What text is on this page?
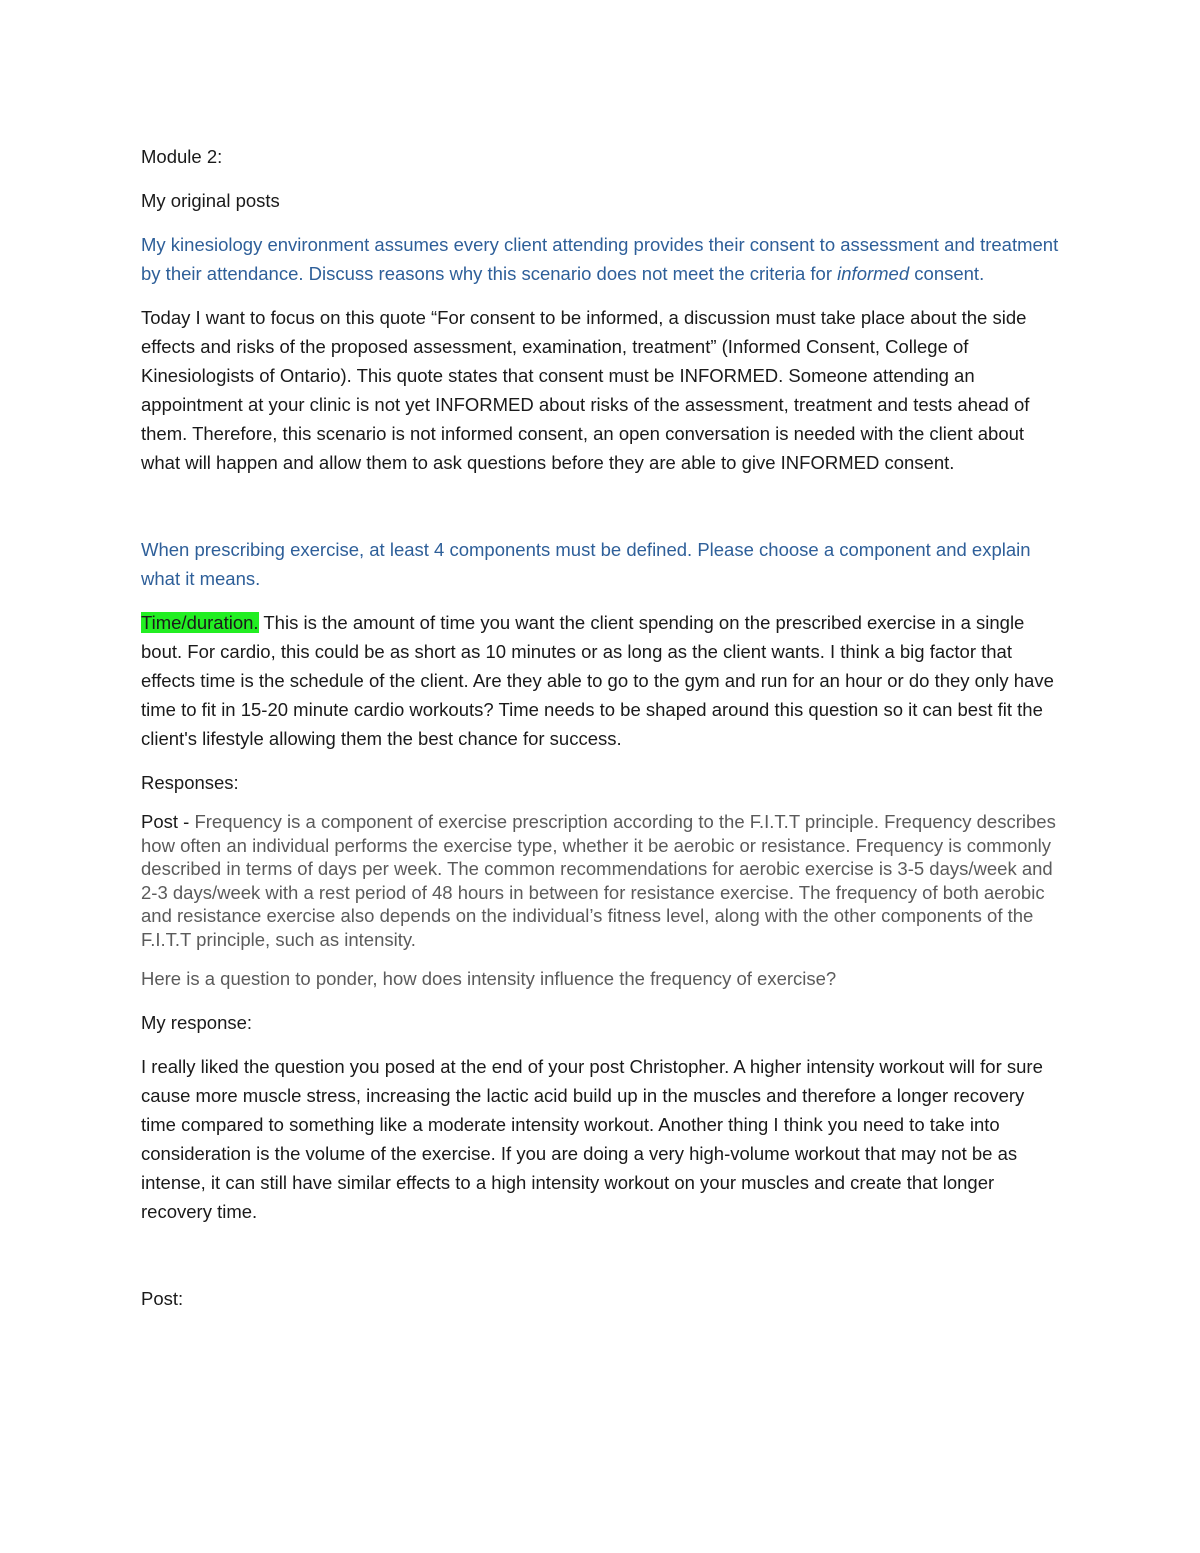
Module 2:

My original posts

My kinesiology environment assumes every client attending provides their consent to assessment and treatment by their attendance. Discuss reasons why this scenario does not meet the criteria for informed consent.

Today I want to focus on this quote “For consent to be informed, a discussion must take place about the side effects and risks of the proposed assessment, examination, treatment” (Informed Consent, College of Kinesiologists of Ontario). This quote states that consent must be INFORMED. Someone attending an appointment at your clinic is not yet INFORMED about risks of the assessment, treatment and tests ahead of them. Therefore, this scenario is not informed consent, an open conversation is needed with the client about what will happen and allow them to ask questions before they are able to give INFORMED consent.

When prescribing exercise, at least 4 components must be defined. Please choose a component and explain what it means.

Time/duration. This is the amount of time you want the client spending on the prescribed exercise in a single bout. For cardio, this could be as short as 10 minutes or as long as the client wants. I think a big factor that effects time is the schedule of the client. Are they able to go to the gym and run for an hour or do they only have time to fit in 15-20 minute cardio workouts? Time needs to be shaped around this question so it can best fit the client's lifestyle allowing them the best chance for success.

Responses:

Post - Frequency is a component of exercise prescription according to the F.I.T.T principle. Frequency describes how often an individual performs the exercise type, whether it be aerobic or resistance. Frequency is commonly described in terms of days per week. The common recommendations for aerobic exercise is 3-5 days/week and 2-3 days/week with a rest period of 48 hours in between for resistance exercise. The frequency of both aerobic and resistance exercise also depends on the individual’s fitness level, along with the other components of the F.I.T.T principle, such as intensity.

Here is a question to ponder, how does intensity influence the frequency of exercise?

My response:

I really liked the question you posed at the end of your post Christopher. A higher intensity workout will for sure cause more muscle stress, increasing the lactic acid build up in the muscles and therefore a longer recovery time compared to something like a moderate intensity workout. Another thing I think you need to take into consideration is the volume of the exercise. If you are doing a very high-volume workout that may not be as intense, it can still have similar effects to a high intensity workout on your muscles and create that longer recovery time.

Post:
